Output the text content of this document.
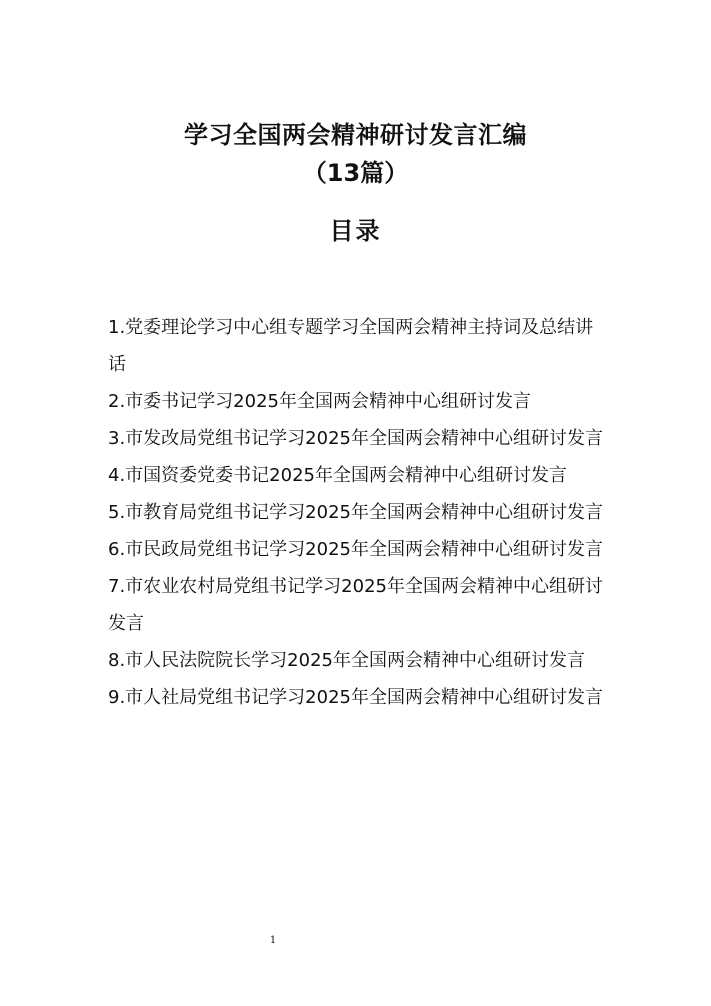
学习全国两会精神研讨发言汇编
（13篇）
目录
1.党委理论学习中心组专题学习全国两会精神主持词及总结讲话
2.市委书记学习2025年全国两会精神中心组研讨发言
3.市发改局党组书记学习2025年全国两会精神中心组研讨发言
4.市国资委党委书记2025年全国两会精神中心组研讨发言
5.市教育局党组书记学习2025年全国两会精神中心组研讨发言
6.市民政局党组书记学习2025年全国两会精神中心组研讨发言
7.市农业农村局党组书记学习2025年全国两会精神中心组研讨发言
8.市人民法院院长学习2025年全国两会精神中心组研讨发言
9.市人社局党组书记学习2025年全国两会精神中心组研讨发言
1
